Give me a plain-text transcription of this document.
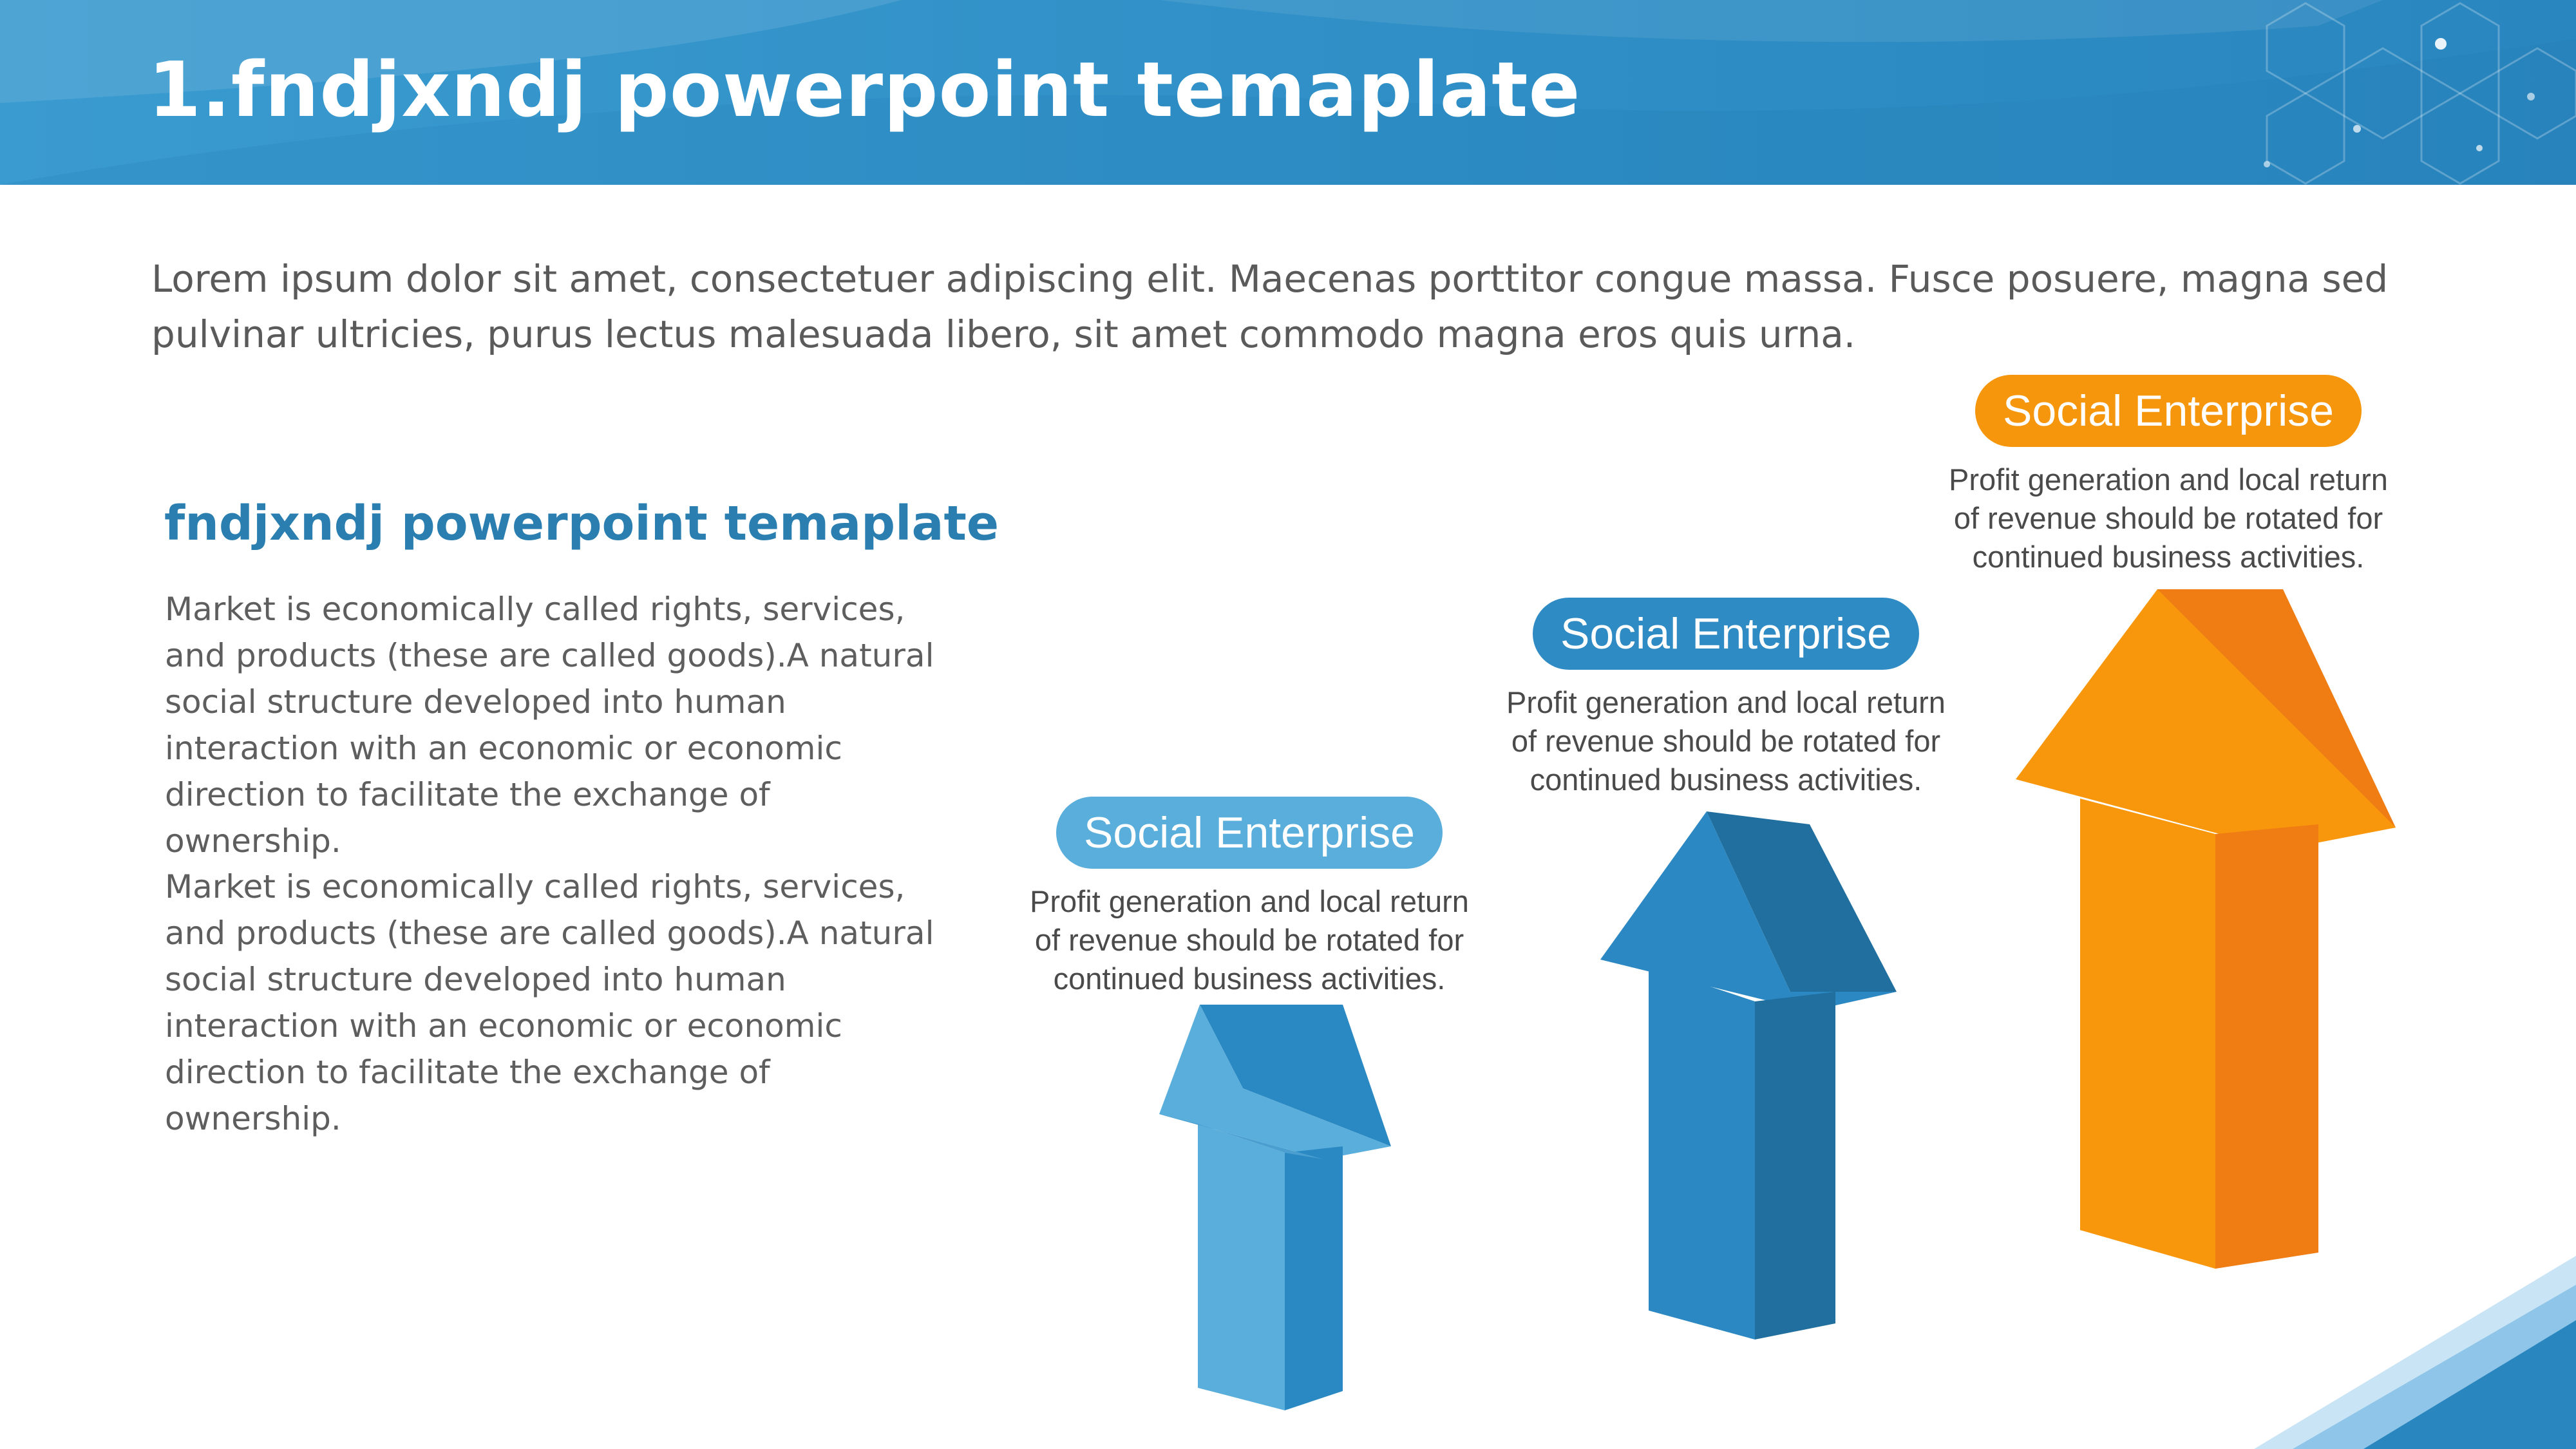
1.fndjxndj powerpoint temaplate

Lorem ipsum dolor sit amet, consectetuer adipiscing elit. Maecenas porttitor congue massa. Fusce posuere, magna sed pulvinar ultricies, purus lectus malesuada libero, sit amet commodo magna eros quis urna.

fndjxndj powerpoint temaplate

Market is economically called rights, services, and products (these are called goods).A natural social structure developed into human interaction with an economic or economic direction to facilitate the exchange of ownership.

Market is economically called rights, services, and products (these are called goods).A natural social structure developed into human interaction with an economic or economic direction to facilitate the exchange of ownership.

Social Enterprise

Profit generation and local return of revenue should be rotated for continued business activities.

Social Enterprise

Profit generation and local return of revenue should be rotated for continued business activities.

Social Enterprise

Profit generation and local return of revenue should be rotated for continued business activities.
